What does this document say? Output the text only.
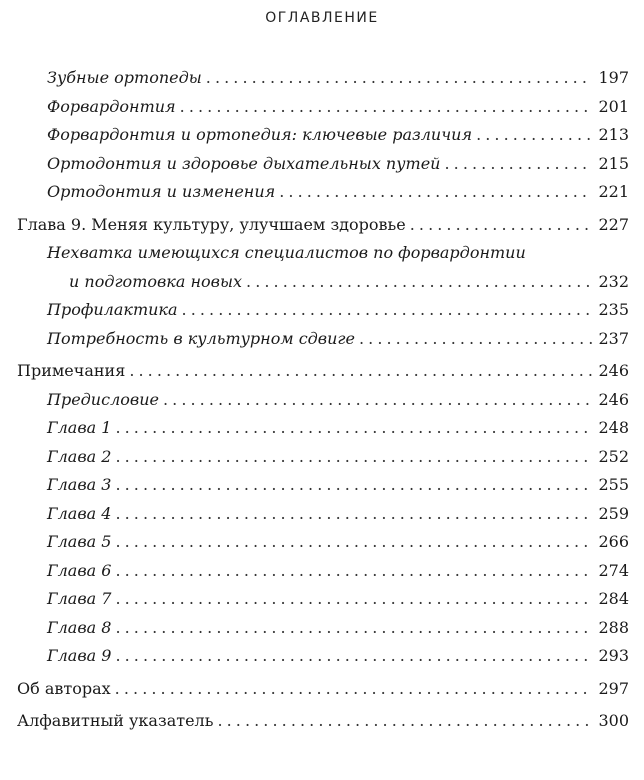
ОГЛАВЛЕНИЕ
Зубные ортопеды . . .	197
Форвардонтия . . .	201
Форвардонтия и ортопедия: ключевые различия . . .	213
Ортодонтия и здоровье дыхательных путей . . .	215
Ортодонтия и изменения . . .	221
Глава 9. Меняя культуру, улучшаем здоровье . . .	227
Нехватка имеющихся специалистов по форвардонтии
и подготовка новых . . .	232
Профилактика . . .	235
Потребность в культурном сдвиге . . .	237
Примечания . . .	246
Предисловие . . .	246
Глава 1 . . .	248
Глава 2 . . .	252
Глава 3 . . .	255
Глава 4 . . .	259
Глава 5 . . .	266
Глава 6 . . .	274
Глава 7 . . .	284
Глава 8 . . .	288
Глава 9 . . .	293
Об авторах . . .	297
Алфавитный указатель . . .	300
